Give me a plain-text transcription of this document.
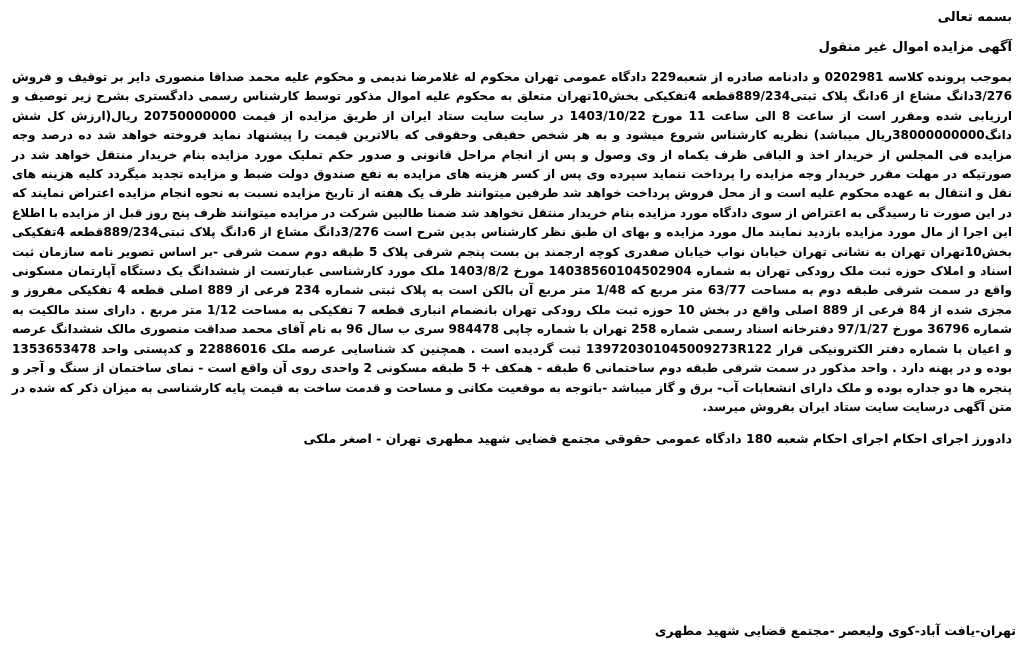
بسمه تعالی

آگهی مزایده اموال غیر منقول

بموجب پرونده کلاسه 0202981 و دادنامه صادره از شعبه229 دادگاه عمومی تهران محکوم له غلامرضا ندیمی و محکوم علیه محمد صداقا منصوری دایر بر توقیف و فروش 3/276دانگ مشاع از 6دانگ پلاک ثبتی889/234قطعه 4تفکیکی بخش10تهران متعلق به محکوم علیه اموال مذکور توسط کارشناس رسمی دادگستری بشرح زیر توصیف و ارزیابی شده ومقرر است از ساعت 8 الی ساعت 11 مورخ 1403/10/22 در سایت سایت ستاد ایران از طریق مزایده از قیمت 20750000000 ریال(ارزش کل شش دانگ38000000000ریال میباشد) نظریه کارشناس شروع میشود و به هر شخص حقیقی وحقوقی که بالاترین قیمت را پیشنهاد نماید فروخته خواهد شد ده درصد وجه مزایده فی المجلس از خریدار اخذ و الباقی ظرف یکماه از وی وصول و پس از انجام مراحل قانونی و صدور حکم تملیک مورد مزایده بنام خریدار منتقل خواهد شد در صورتیکه در مهلت مقرر خریدار وجه مزایده را پرداخت ننماید سپرده وی پس از کسر هزینه های مزایده به نفع صندوق دولت ضبط و مزایده تجدید میگردد کلیه هزینه های نقل و انتقال به عهده محکوم علیه است و از محل فروش پرداخت خواهد شد طرفین میتوانند ظرف یک هفته از تاریخ مزایده نسبت به نحوه انجام مزایده اعتراض نمایند که در این صورت تا رسیدگی به اعتراض از سوی دادگاه مورد مزایده بنام خریدار منتقل نخواهد شد ضمنا طالبین شرکت در مزایده میتوانند ظرف پنج روز قبل از مزایده با اطلاع این اجرا از مال مورد مزایده بازدید نمایند مال مورد مزایده و بهای ان طبق نظر کارشناس بدین شرح است 3/276دانگ مشاع از 6دانگ پلاک ثبتی889/234قطعه 4تفکیکی بخش10تهران تهران به نشانی تهران خیابان نواب خیابان صفدری کوچه ارجمند بن بست پنجم شرقی پلاک 5 طبقه دوم سمت شرقی -بر اساس تصویر نامه سازمان ثبت اسناد و املاک حوزه ثبت ملک رودکی تهران به شماره 14038560104502904 مورخ 1403/8/2 ملک مورد کارشناسی عبارتست از ششدانگ یک دستگاه آپارتمان مسکونی واقع در سمت شرقی طبقه دوم به مساحت 63/77 متر مربع که 1/48 متر مربع آن بالکن است به پلاک ثبتی شماره 234 فرعی از 889 اصلی قطعه 4 تفکیکی مفروز و مجزی شده از 84 فرعی از 889 اصلی واقع در بخش 10 حوزه ثبت ملک رودکی تهران بانضمام انباری قطعه 7 تفکیکی به مساحت 1/12 متر مربع . دارای سند مالکیت به شماره 36796 مورخ 97/1/27 دفترخانه اسناد رسمی شماره 258 تهران با شماره چاپی 984478 سری ب سال 96 به نام آقای محمد صداقت منصوری مالک ششدانگ عرصه و اعیان با شماره دفتر الکترونیکی قرار 139720301045009273R122 ثبت گردیده است . همچنین کد شناسایی عرصه ملک 22886016 و کدپستی واحد 1353653478 بوده و در پهنه دارد . واحد مذکور در سمت شرقی طبقه دوم ساختمانی 6 طبقه - همکف + 5 طبقه مسکونی 2 واحدی روی آن واقع است - نمای ساختمان از سنگ و آجر و پنجره ها دو جداره بوده و ملک دارای انشعابات آب- برق و گاز میباشد -باتوجه به موقعیت مکانی و مساحت و قدمت ساخت به قیمت پایه کارشناسی به میزان ذکر که شده در متن آگهی درسایت سایت ستاد ایران بفروش میرسد.

دادورز اجرای احکام اجرای احکام شعبه 180 دادگاه عمومی حقوقی مجتمع قضایی شهید مطهری تهران - اصغر ملکی

تهران-یافت آباد-کوی ولیعصر -مجتمع قضایی شهید مطهری
